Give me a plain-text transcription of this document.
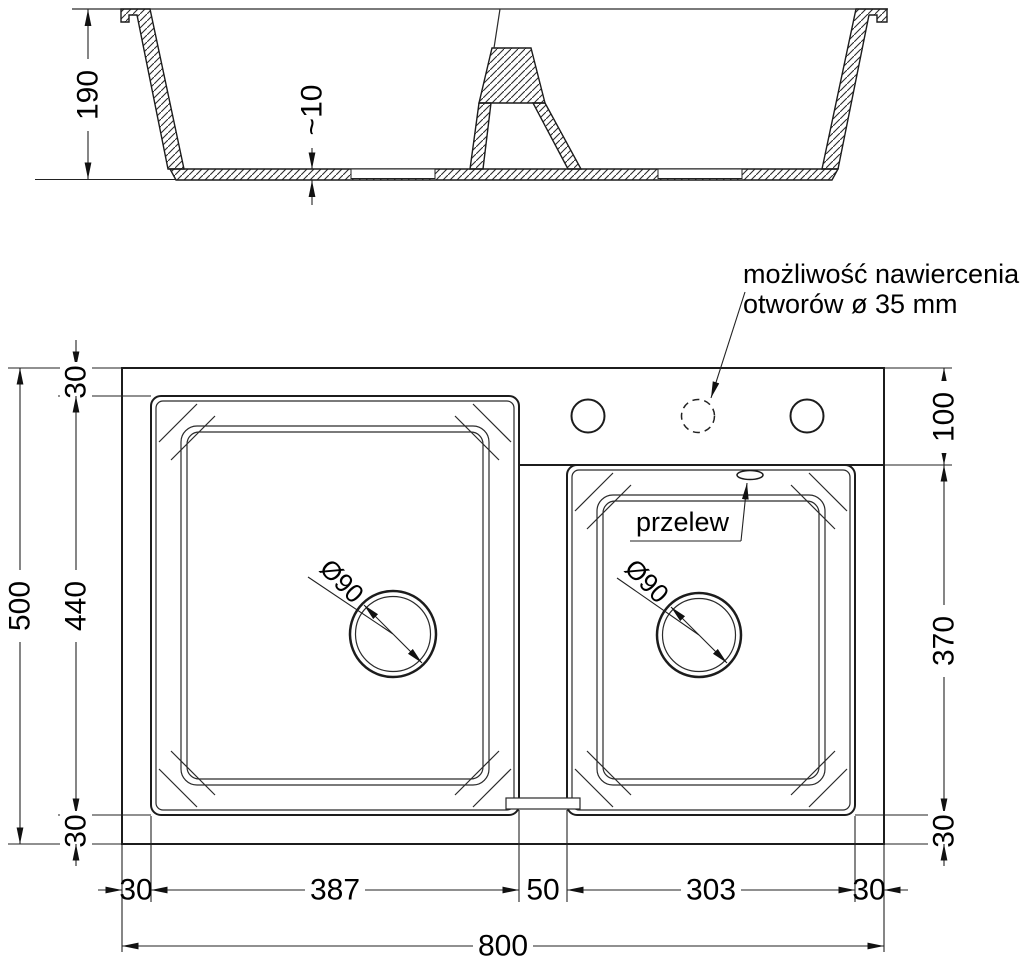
190	~10
Ø90	Ø90
przelew
możliwość nawiercenia
otworów ø 35 mm
500
30
440
30
100
370
30
30	387	50	303	30
800
